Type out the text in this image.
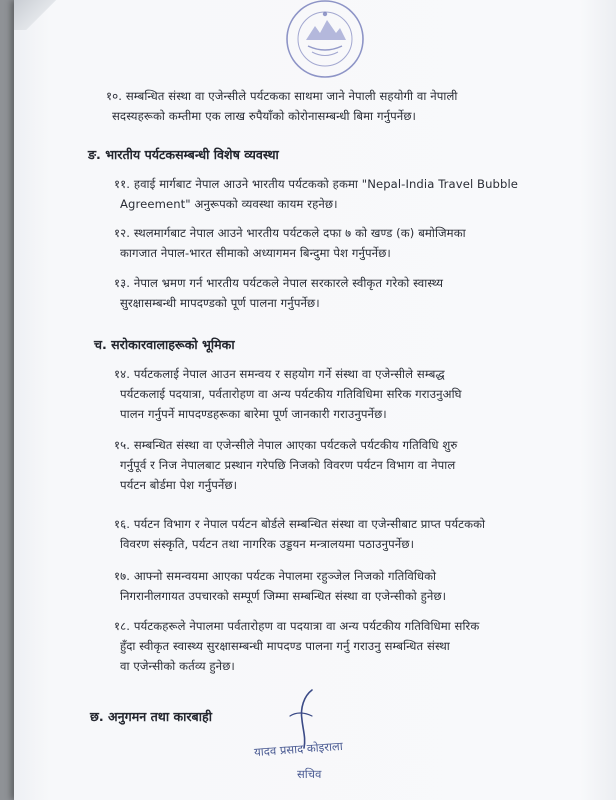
१०. सम्बन्धित संस्था वा एजेन्सीले पर्यटकका साथमा जाने नेपाली सहयोगी वा नेपाली
सदस्यहरूको कम्तीमा एक लाख रुपैयाँको कोरोनासम्बन्धी बिमा गर्नुपर्नेछ।
ङ. भारतीय पर्यटकसम्बन्धी विशेष व्यवस्था
११. हवाई मार्गबाट नेपाल आउने भारतीय पर्यटकको हकमा "Nepal-India Travel Bubble
Agreement" अनुरूपको व्यवस्था कायम रहनेछ।
१२. स्थलमार्गबाट नेपाल आउने भारतीय पर्यटकले दफा ७ को खण्ड (क) बमोजिमका
कागजात नेपाल-भारत सीमाको अध्यागमन बिन्दुमा पेश गर्नुपर्नेछ।
१३. नेपाल भ्रमण गर्न भारतीय पर्यटकले नेपाल सरकारले स्वीकृत गरेको स्वास्थ्य
सुरक्षासम्बन्धी मापदण्डको पूर्ण पालना गर्नुपर्नेछ।
च. सरोकारवालाहरूको भूमिका
१४. पर्यटकलाई नेपाल आउन समन्वय र सहयोग गर्ने संस्था वा एजेन्सीले सम्बद्ध
पर्यटकलाई पदयात्रा, पर्वतारोहण वा अन्य पर्यटकीय गतिविधिमा सरिक गराउनुअघि
पालन गर्नुपर्ने मापदण्डहरूका बारेमा पूर्ण जानकारी गराउनुपर्नेछ।
१५. सम्बन्धित संस्था वा एजेन्सीले नेपाल आएका पर्यटकले पर्यटकीय गतिविधि शुरु
गर्नुपूर्व र निज नेपालबाट प्रस्थान गरेपछि निजको विवरण पर्यटन विभाग वा नेपाल
पर्यटन बोर्डमा पेश गर्नुपर्नेछ।
१६. पर्यटन विभाग र नेपाल पर्यटन बोर्डले सम्बन्धित संस्था वा एजेन्सीबाट प्राप्त पर्यटकको
विवरण संस्कृति, पर्यटन तथा नागरिक उड्डयन मन्त्रालयमा पठाउनुपर्नेछ।
१७. आफ्नो समन्वयमा आएका पर्यटक नेपालमा रहुञ्जेल निजको गतिविधिको
निगरानीलगायत उपचारको सम्पूर्ण जिम्मा सम्बन्धित संस्था वा एजेन्सीको हुनेछ।
१८. पर्यटकहरूले नेपालमा पर्वतारोहण वा पदयात्रा वा अन्य पर्यटकीय गतिविधिमा सरिक
हुँदा स्वीकृत स्वास्थ्य सुरक्षासम्बन्धी मापदण्ड पालना गर्नु गराउनु सम्बन्धित संस्था
वा एजेन्सीको कर्तव्य हुनेछ।
छ. अनुगमन तथा कारबाही
यादव प्रसाद कोइराला
सचिव
